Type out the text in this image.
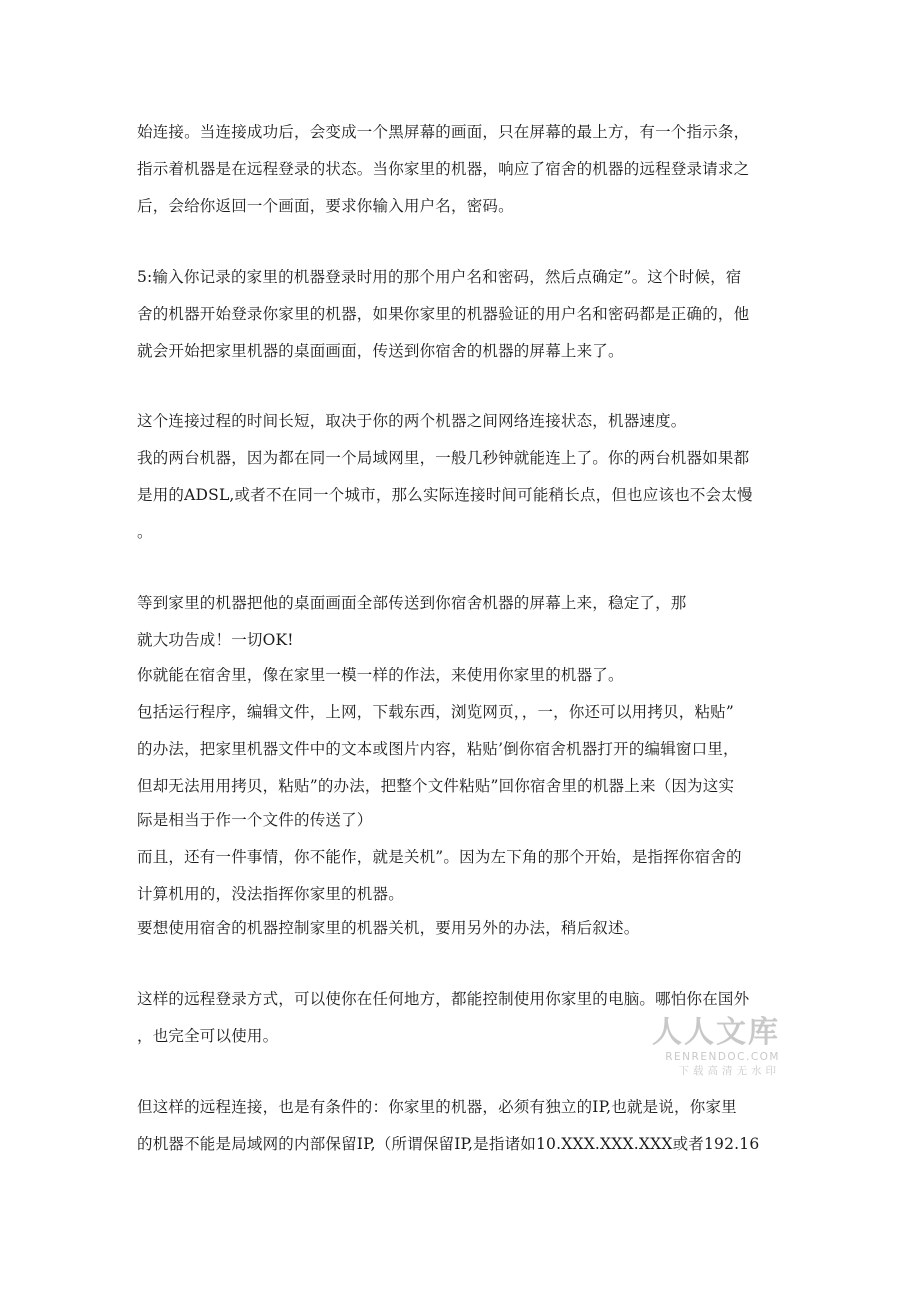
始连接。当连接成功后，会变成一个黑屏幕的画面，只在屏幕的最上方，有一个指示条，
指示着机器是在远程登录的状态。当你家里的机器，响应了宿舍的机器的远程登录请求之
后，会给你返回一个画面，要求你输入用户名，密码。
5:输入你记录的家里的机器登录时用的那个用户名和密码，然后点确定”。这个时候，宿
舍的机器开始登录你家里的机器，如果你家里的机器验证的用户名和密码都是正确的，他
就会开始把家里机器的桌面画面，传送到你宿舍的机器的屏幕上来了。
这个连接过程的时间长短，取决于你的两个机器之间网络连接状态，机器速度。
我的两台机器，因为都在同一个局域网里，一般几秒钟就能连上了。你的两台机器如果都
是用的ADSL,或者不在同一个城市，那么实际连接时间可能稍长点，但也应该也不会太慢
。
等到家里的机器把他的桌面画面全部传送到你宿舍机器的屏幕上来，稳定了，那
就大功告成！一切OK!
你就能在宿舍里，像在家里一模一样的作法，来使用你家里的机器了。
包括运行程序，编辑文件，上网，下载东西，浏览网页，，一，你还可以用拷贝，粘贴”
的办法，把家里机器文件中的文本或图片内容，粘贴’倒你宿舍机器打开的编辑窗口里，
但却无法用用拷贝，粘贴”的办法，把整个文件粘贴”回你宿舍里的机器上来（因为这实
际是相当于作一个文件的传送了）
而且，还有一件事情，你不能作，就是关机”。因为左下角的那个开始，是指挥你宿舍的
计算机用的，没法指挥你家里的机器。
要想使用宿舍的机器控制家里的机器关机，要用另外的办法，稍后叙述。
这样的远程登录方式，可以使你在任何地方，都能控制使用你家里的电脑。哪怕你在国外
，也完全可以使用。
但这样的远程连接，也是有条件的：你家里的机器，必须有独立的IP,也就是说，你家里
的机器不能是局域网的内部保留IP,（所谓保留IP,是指诸如10.XXX.XXX.XXX或者192.16
人人文库
RENRENDOC.COM
下载高清无水印
